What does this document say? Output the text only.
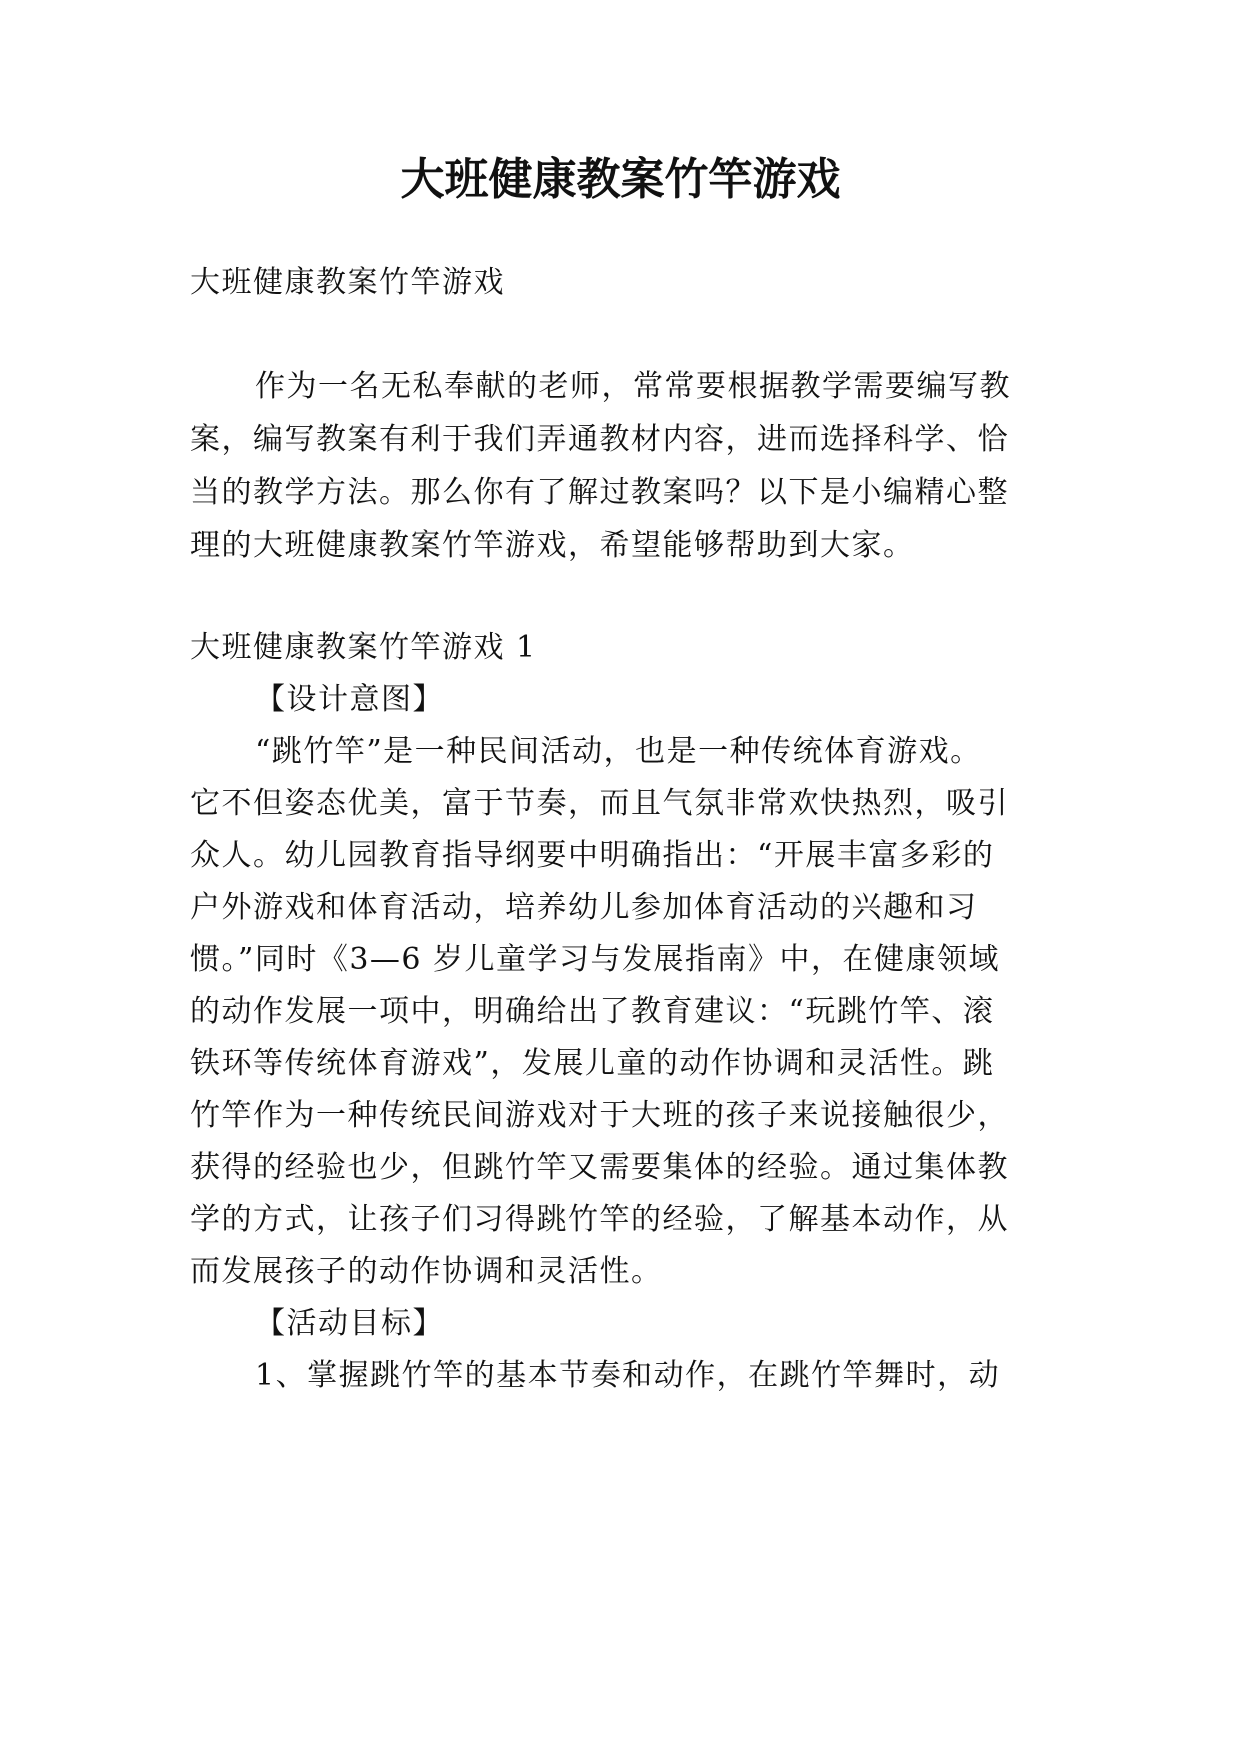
大班健康教案竹竿游戏
大班健康教案竹竿游戏
作为一名无私奉献的老师，常常要根据教学需要编写教
案，编写教案有利于我们弄通教材内容，进而选择科学、恰
当的教学方法。那么你有了解过教案吗？以下是小编精心整
理的大班健康教案竹竿游戏，希望能够帮助到大家。
大班健康教案竹竿游戏 1
【设计意图】
“跳竹竿”是一种民间活动，也是一种传统体育游戏。
它不但姿态优美，富于节奏，而且气氛非常欢快热烈，吸引
众人。幼儿园教育指导纲要中明确指出：“开展丰富多彩的
户外游戏和体育活动，培养幼儿参加体育活动的兴趣和习
惯。”同时《3—6 岁儿童学习与发展指南》中，在健康领域
的动作发展一项中，明确给出了教育建议：“玩跳竹竿、滚
铁环等传统体育游戏”，发展儿童的动作协调和灵活性。跳
竹竿作为一种传统民间游戏对于大班的孩子来说接触很少，
获得的经验也少，但跳竹竿又需要集体的经验。通过集体教
学的方式，让孩子们习得跳竹竿的经验，了解基本动作，从
而发展孩子的动作协调和灵活性。
【活动目标】
1、掌握跳竹竿的基本节奏和动作，在跳竹竿舞时，动
